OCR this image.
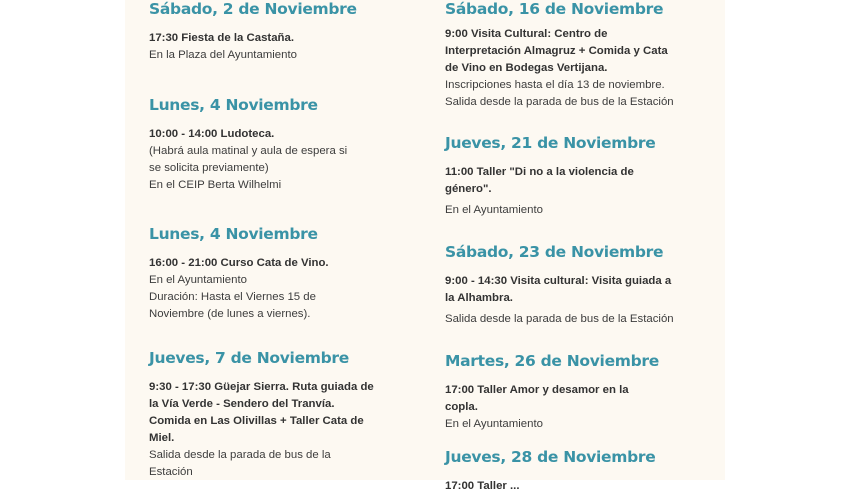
Sábado, 2 de Noviembre

17:30 Fiesta de la Castaña.

En la Plaza del Ayuntamiento

Lunes, 4 Noviembre

10:00 - 14:00 Ludoteca.

(Habrá aula matinal y aula de espera si

se solicita previamente)

En el CEIP Berta Wilhelmi

Lunes, 4 Noviembre

16:00 - 21:00 Curso Cata de Vino.

En el Ayuntamiento

Duración: Hasta el Viernes 15 de

Noviembre (de lunes a viernes).

Jueves, 7 de Noviembre

9:30 - 17:30 Güejar Sierra. Ruta guiada de

la Vía Verde - Sendero del Tranvía.

Comida en Las Olivillas + Taller Cata de

Miel.

Salida desde la parada de bus de la

Estación

Sábado, 16 de Noviembre

9:00 Visita Cultural: Centro de

Interpretación Almagruz + Comida y Cata

de Vino en Bodegas Vertijana.

Inscripciones hasta el día 13 de noviembre.

Salida desde la parada de bus de la Estación

Jueves, 21 de Noviembre

11:00 Taller "Di no a la violencia de

género".

En el Ayuntamiento

Sábado, 23 de Noviembre

9:00 - 14:30 Visita cultural: Visita guiada a

la Alhambra.

Salida desde la parada de bus de la Estación

Martes, 26 de Noviembre

17:00 Taller Amor y desamor en la

copla.

En el Ayuntamiento

Jueves, 28 de Noviembre

17:00 Taller ...
